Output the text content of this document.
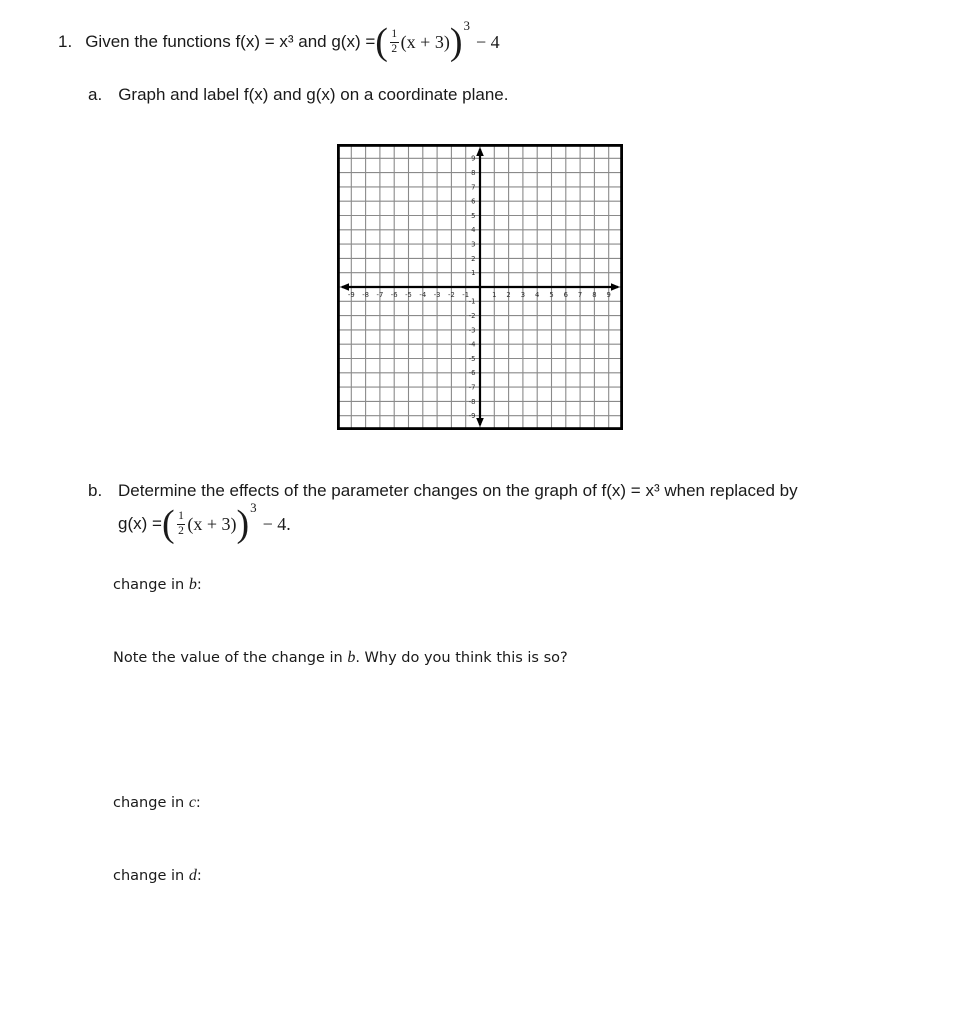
1. Given the functions f(x) = x³ and g(x) = ( $\frac{1}{2} (x + 3)$ ) 3
− 4
a. Graph and label f(x) and g(x) on a coordinate plane.
-9 -8 -7 -6 -5 -4 -3 -2 -1	1 2 3 4 5 6 7 8 9
9
8
7
6
5
4
3
2
1
-1
-2
-3
-4
-5
-6
-7
-8
-9
b. Determine the effects of the parameter changes on the graph of f(x) = x³ when replaced by
g(x) = ( $\frac{1}{2} (x + 3)$ ) 3
− 4.
change in b:
Note the value of the change in b. Why do you think this is so?
change in c:
change in d:
